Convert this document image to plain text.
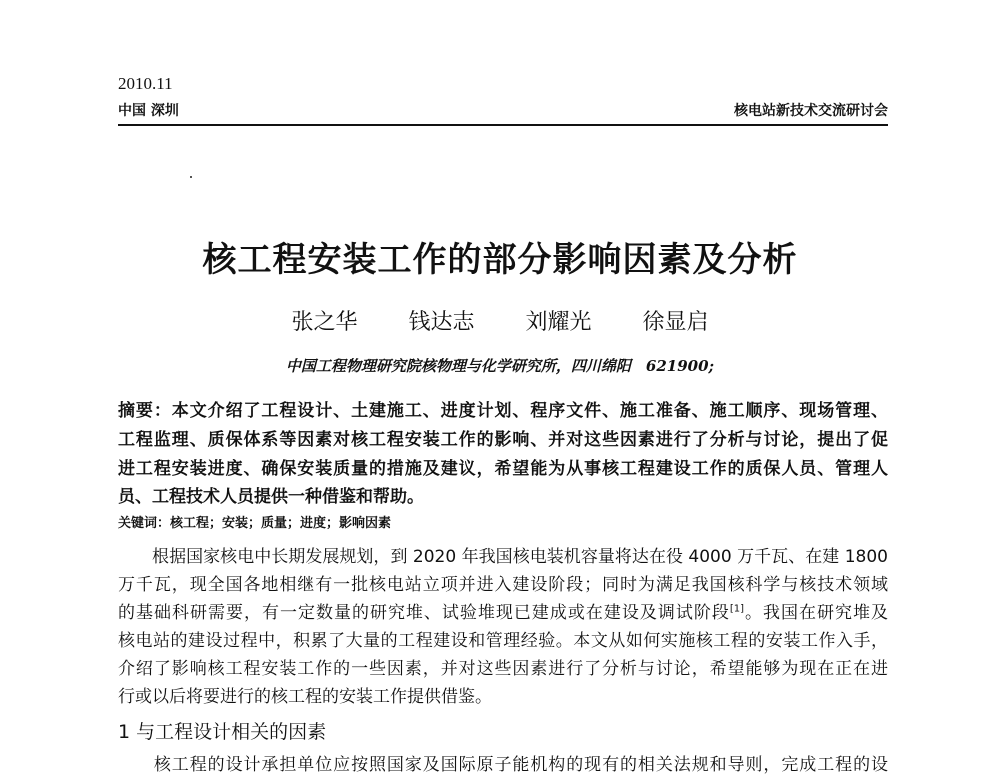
2010.11
中国 深圳	核电站新技术交流研讨会
核工程安装工作的部分影响因素及分析
张之华 钱达志 刘耀光 徐显启
中国工程物理研究院核物理与化学研究所，四川绵阳　621900;
摘要：本文介绍了工程设计、土建施工、进度计划、程序文件、施工准备、施工顺序、现场管理、
工程监理、质保体系等因素对核工程安装工作的影响、并对这些因素进行了分析与讨论，提出了促
进工程安装进度、确保安装质量的措施及建议，希望能为从事核工程建设工作的质保人员、管理人
员、工程技术人员提供一种借鉴和帮助。
关键词：核工程；安装；质量；进度；影响因素
　　根据国家核电中长期发展规划，到 2020 年我国核电装机容量将达在役 4000 万千瓦、在建 1800
万千瓦，现全国各地相继有一批核电站立项并进入建设阶段；同时为满足我国核科学与核技术领域
的基础科研需要，有一定数量的研究堆、试验堆现已建成或在建设及调试阶段[1]。我国在研究堆及
核电站的建设过程中，积累了大量的工程建设和管理经验。本文从如何实施核工程的安装工作入手，
介绍了影响核工程安装工作的一些因素，并对这些因素进行了分析与讨论，希望能够为现在正在进
行或以后将要进行的核工程的安装工作提供借鉴。
1 与工程设计相关的因素
　　核工程的设计承担单位应按照国家及国际原子能机构的现有的相关法规和导则，完成工程的设
